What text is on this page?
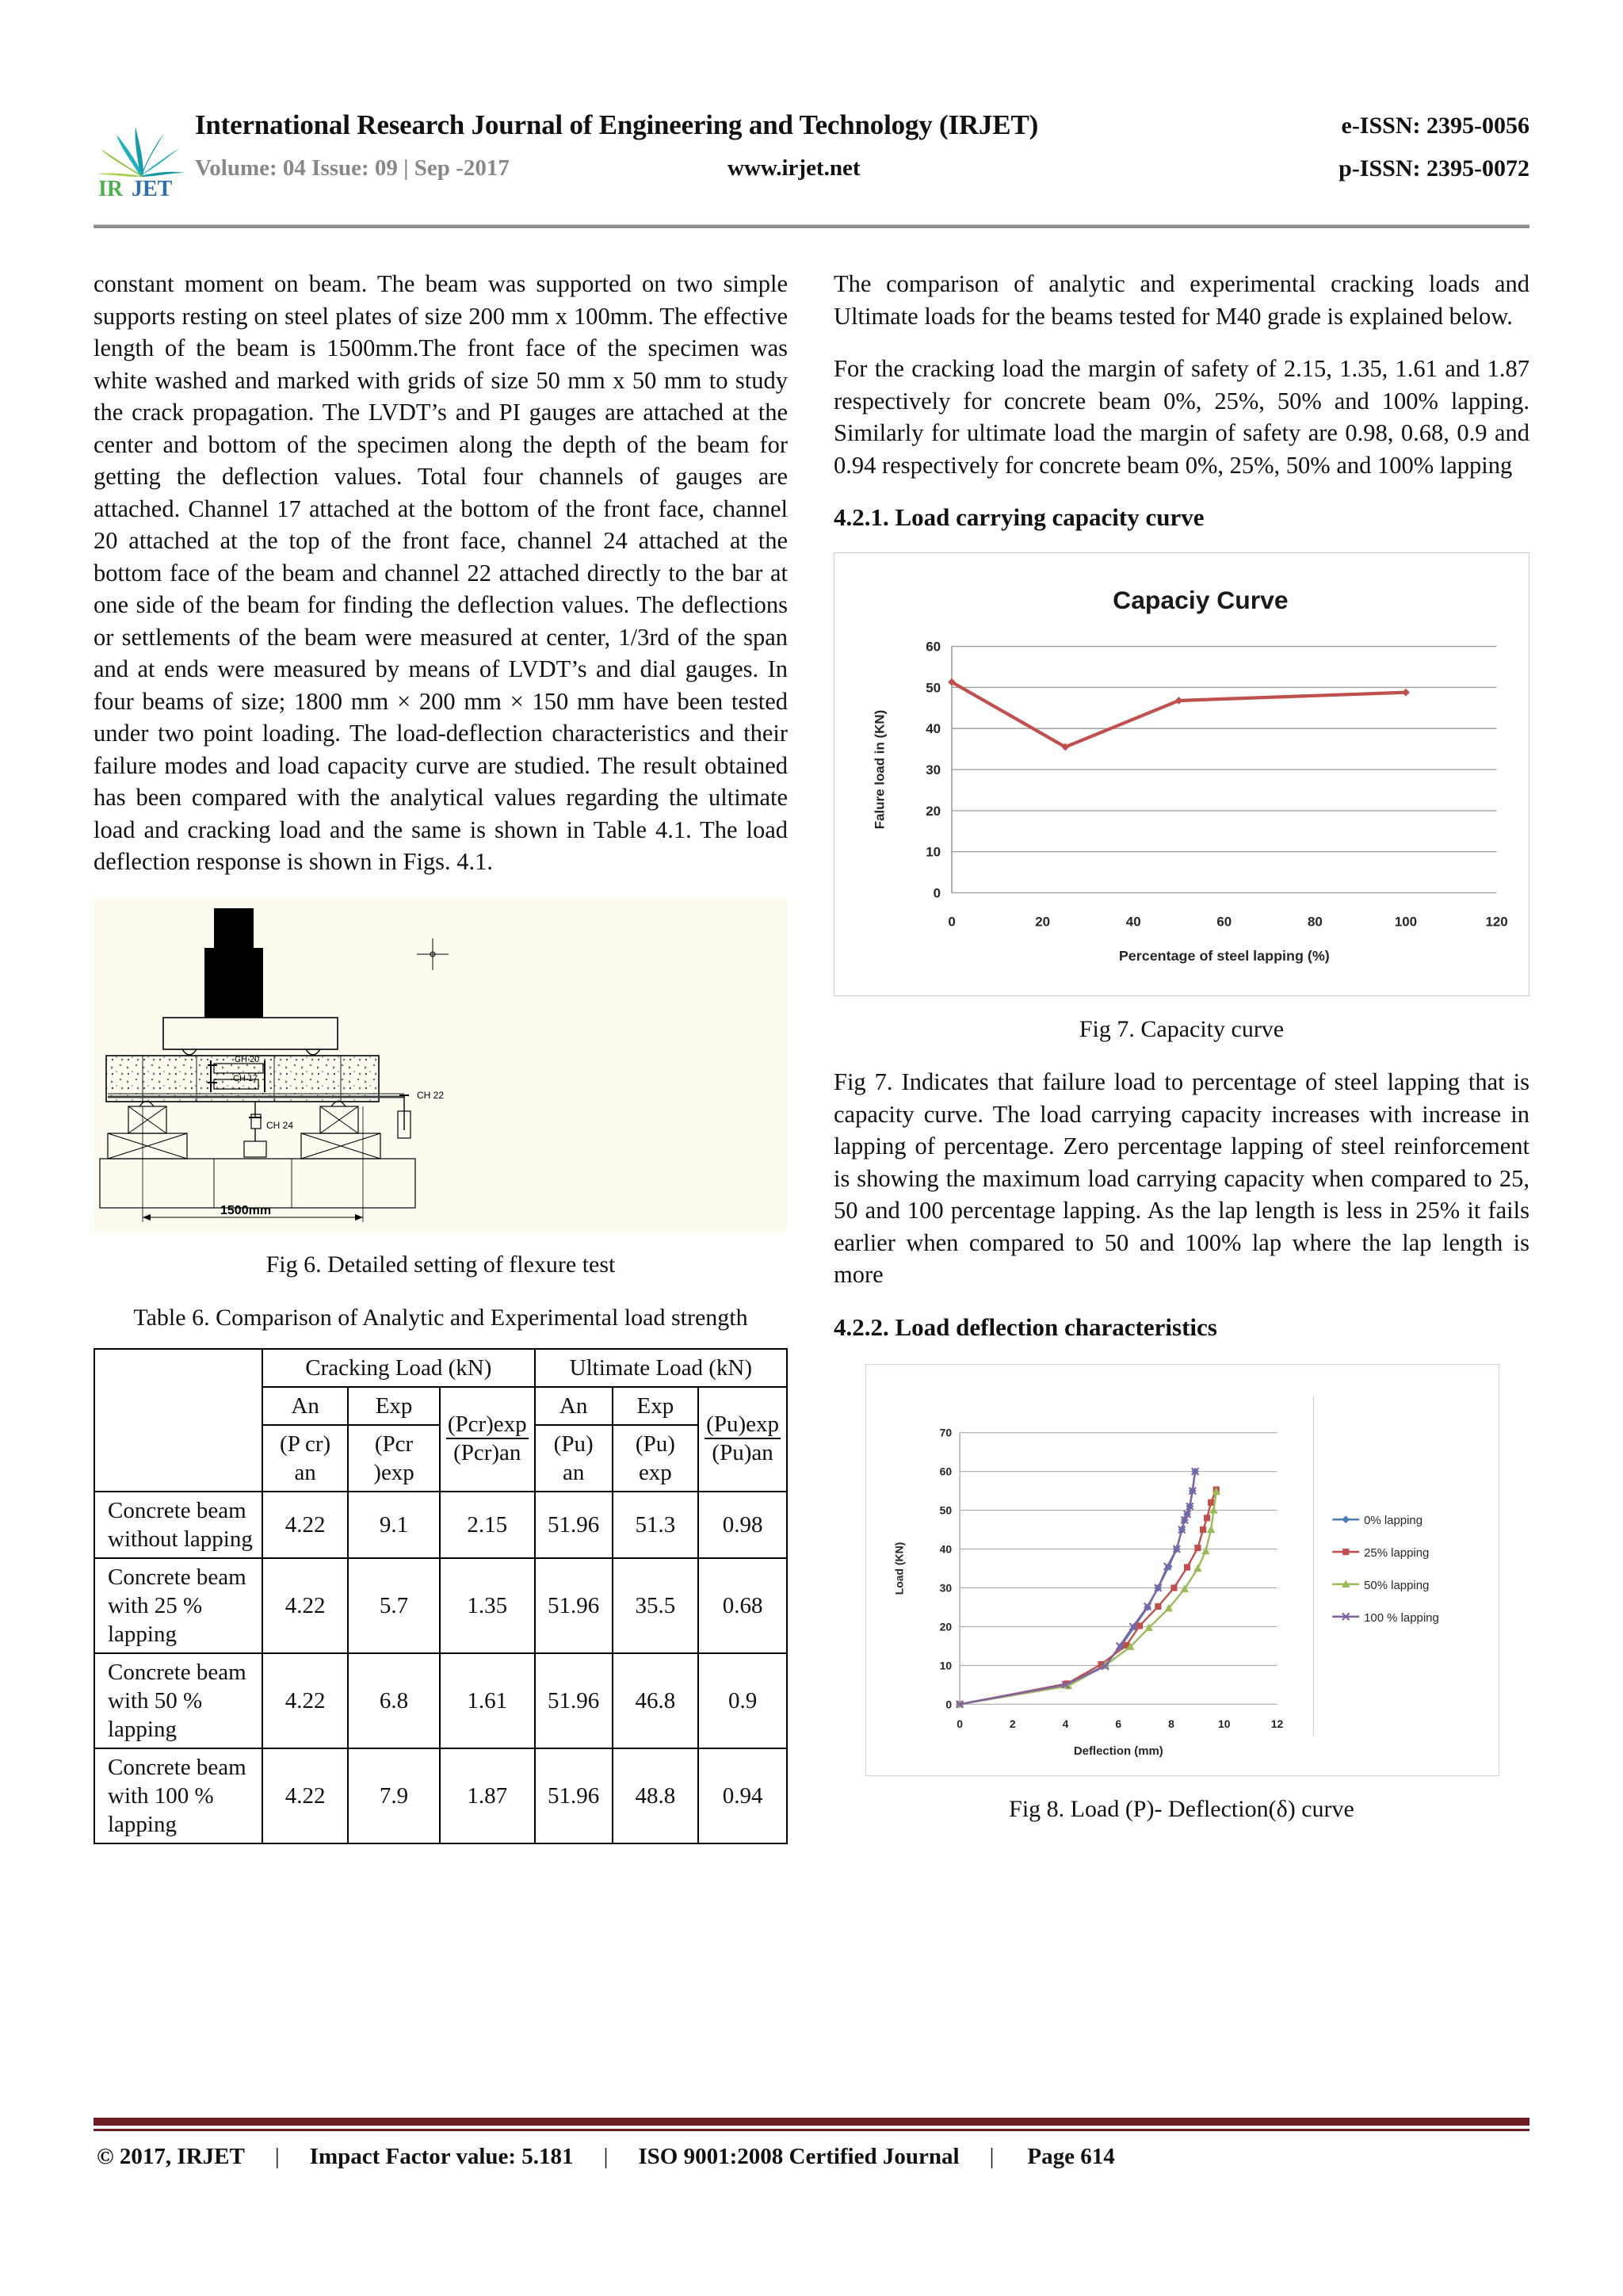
IR JET
International Research Journal of Engineering and Technology (IRJET)	e-ISSN: 2395-0056
Volume: 04 Issue: 09 | Sep -2017	www.irjet.net	p-ISSN: 2395-0072

constant moment on beam. The beam was supported on two simple supports resting on steel plates of size 200 mm x 100mm. The effective length of the beam is 1500mm.The front face of the specimen was white washed and marked with grids of size 50 mm x 50 mm to study the crack propagation. The LVDT’s and PI gauges are attached at the center and bottom of the specimen along the depth of the beam for getting the deflection values. Total four channels of gauges are attached. Channel 17 attached at the bottom of the front face, channel 20 attached at the top of the front face, channel 24 attached at the bottom face of the beam and channel 22 attached directly to the bar at one side of the beam for finding the deflection values. The deflections or settlements of the beam were measured at center, 1/3rd of the span and at ends were measured by means of LVDT’s and dial gauges. In four beams of size; 1800 mm × 200 mm × 150 mm have been tested under two point loading. The load-deflection characteristics and their failure modes and load capacity curve are studied. The result obtained has been compared with the analytical values regarding the ultimate load and cracking load and the same is shown in Table 4.1. The load deflection response is shown in Figs. 4.1.

CH 20
CH 17
CH 22
CH 24
1500mm

Fig 6. Detailed setting of flexure test

Table 6. Comparison of Analytic and Experimental load strength

	Cracking Load (kN)			Ultimate Load (kN)		
	An	Exp	$\frac{\text{(Pcr)exp}}{\text{(Pcr)an}}$	An	Exp	$\frac{(Pu)\exp}{(Pu)an}$

	(P cr) an	(Pcr )exp		(Pu) an	(Pu) exp	
Concrete beam without lapping	4.22	9.1	2.15	51.96	51.3	0.98
Concrete beam with 25 % lapping	4.22	5.7	1.35	51.96	35.5	0.68
Concrete beam with 50 % lapping	4.22	6.8	1.61	51.96	46.8	0.9
Concrete beam with 100 % lapping	4.22	7.9	1.87	51.96	48.8	0.94

The comparison of analytic and experimental cracking loads and Ultimate loads for the beams tested for M40 grade is explained below.

For the cracking load the margin of safety of 2.15, 1.35, 1.61 and 1.87 respectively for concrete beam 0%, 25%, 50% and 100% lapping. Similarly for ultimate load the margin of safety are 0.98, 0.68, 0.9 and 0.94 respectively for concrete beam 0%, 25%, 50% and 100% lapping

4.2.1. Load carrying capacity curve
Capaciy Curve
0
10
20
30
40
50
60
0	20	40	60	80	100	120
Percentage of steel lapping (%)
Falure load in (KN)

Fig 7. Capacity curve

Fig 7. Indicates that failure load to percentage of steel lapping that is capacity curve. The load carrying capacity increases with increase in lapping of percentage. Zero percentage lapping of steel reinforcement is showing the maximum load carrying capacity when compared to 25, 50 and 100 percentage lapping. As the lap length is less in 25% it fails earlier when compared to 50 and 100% lap where the lap length is more

4.2.2. Load deflection characteristics
0
10
20
30
40
50
60
70
0	2	4	6	8	10	12
Deflection (mm)
Load (KN)
0% lapping
25% lapping
50% lapping
100 % lapping

Fig 8. Load (P)- Deflection(δ) curve

© 2017, IRJET	|	Impact Factor value: 5.181	|	ISO 9001:2008 Certified Journal	|	Page 614
